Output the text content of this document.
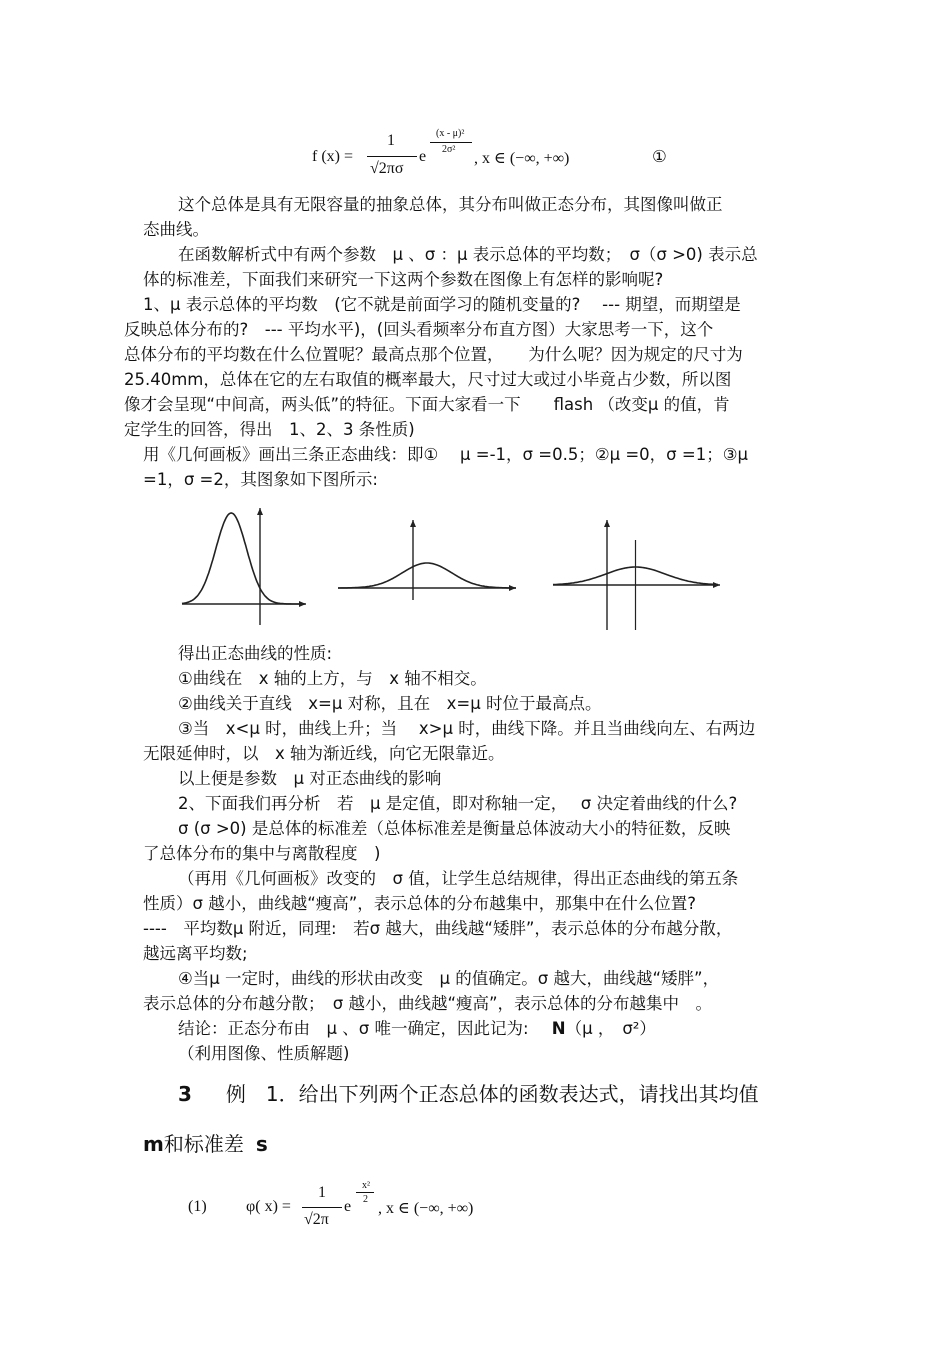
f (x) =
1
√2πσ
e
(x - μ)²
2σ²
, x ∈ (−∞, +∞)	①
这个总体是具有无限容量的抽象总体，其分布叫做正态分布，其图像叫做正
态曲线。
在函数解析式中有两个参数　μ 、σ ：μ 表示总体的平均数；　σ（σ >0) 表示总
体的标准差，下面我们来研究一下这两个参数在图像上有怎样的影响呢?
1、μ 表示总体的平均数　(它不就是前面学习的随机变量的?　 --- 期望，而期望是
反映总体分布的?　--- 平均水平)，(回头看频率分布直方图）大家思考一下，这个
总体分布的平均数在什么位置呢？最高点那个位置，　　为什么呢？因为规定的尺寸为
25.40mm，总体在它的左右取值的概率最大，尺寸过大或过小毕竟占少数，所以图
像才会呈现“中间高，两头低”的特征。下面大家看一下　　flash （改变μ 的值，肯
定学生的回答，得出　1、2、3 条性质)
用《几何画板》画出三条正态曲线：即①　 μ =-1，σ =0.5；②μ =0，σ =1；③μ
=1，σ =2，其图象如下图所示:
得出正态曲线的性质:
①曲线在　x 轴的上方，与　x 轴不相交。
②曲线关于直线　x=μ 对称，且在　x=μ 时位于最高点。
③当　x<μ 时，曲线上升；当　 x>μ 时，曲线下降。并且当曲线向左、右两边
无限延伸时，以　x 轴为渐近线，向它无限靠近。
以上便是参数　μ 对正态曲线的影响
2、下面我们再分析　若　μ 是定值，即对称轴一定，　 σ 决定着曲线的什么?
σ (σ >0) 是总体的标准差（总体标准差是衡量总体波动大小的特征数，反映
了总体分布的集中与离散程度　)
（再用《几何画板》改变的　σ 值，让学生总结规律，得出正态曲线的第五条
性质）σ 越小，曲线越“瘦高”，表示总体的分布越集中，那集中在什么位置?
----　平均数μ 附近，同理:　若σ 越大，曲线越“矮胖”，表示总体的分布越分散，
越远离平均数;
④当μ 一定时，曲线的形状由改变　μ 的值确定。σ 越大，曲线越“矮胖”，
表示总体的分布越分散；　σ 越小，曲线越“瘦高”，表示总体的分布越集中　。
结论：正态分布由　μ 、σ 唯一确定，因此记为: N（μ ， σ²）
（利用图像、性质解题)
3 例　1．给出下列两个正态总体的函数表达式，请找出其均值
m和标准差 s
(1) φ( x) =
1
√2π
e
x²
2
, x ∈ (−∞, +∞)
